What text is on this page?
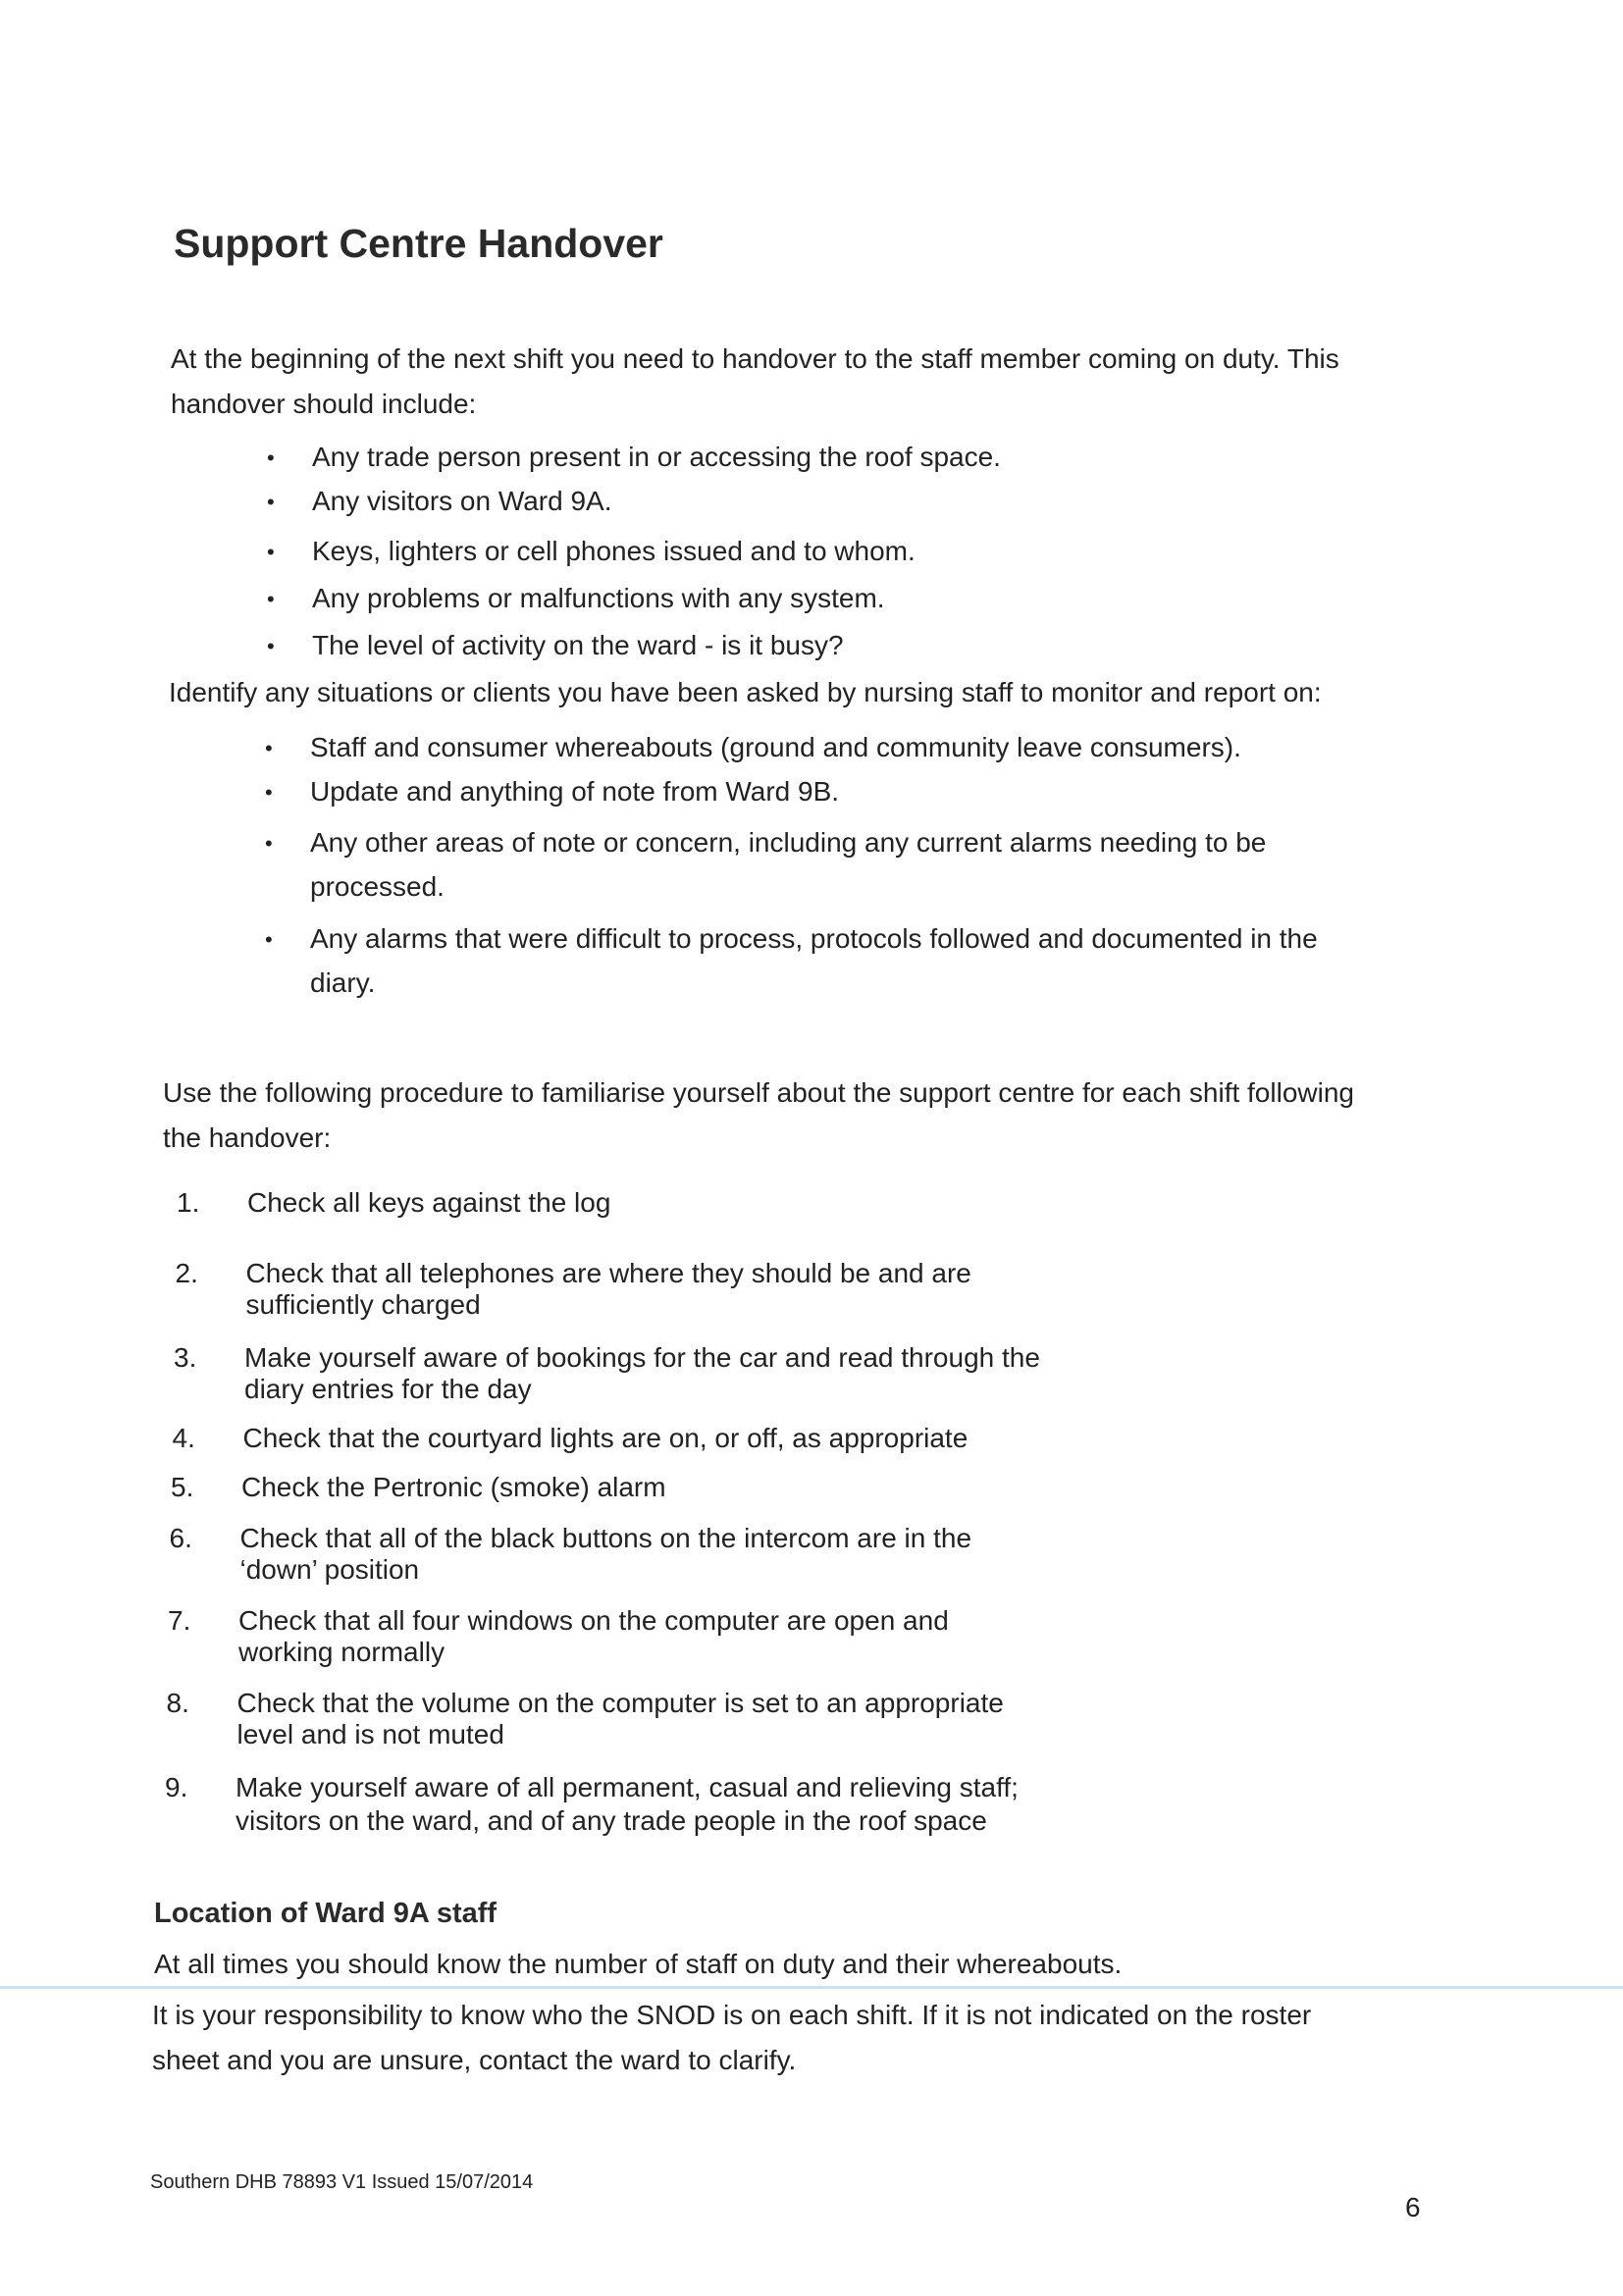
Support Centre Handover
At the beginning of the next shift you need to handover to the staff member coming on duty. This
handover should include:
• Any trade person present in or accessing the roof space.
• Any visitors on Ward 9A.
• Keys, lighters or cell phones issued and to whom.
• Any problems or malfunctions with any system.
• The level of activity on the ward - is it busy?
Identify any situations or clients you have been asked by nursing staff to monitor and report on:
• Staff and consumer whereabouts (ground and community leave consumers).
• Update and anything of note from Ward 9B.
• Any other areas of note or concern, including any current alarms needing to be
processed.
• Any alarms that were difficult to process, protocols followed and documented in the
diary.
Use the following procedure to familiarise yourself about the support centre for each shift following
the handover:
1. Check all keys against the log
2. Check that all telephones are where they should be and are
sufficiently charged
3. Make yourself aware of bookings for the car and read through the
diary entries for the day
4. Check that the courtyard lights are on, or off, as appropriate
5. Check the Pertronic (smoke) alarm
6. Check that all of the black buttons on the intercom are in the
‘down’ position
7. Check that all four windows on the computer are open and
working normally
8. Check that the volume on the computer is set to an appropriate
level and is not muted
9. Make yourself aware of all permanent, casual and relieving staff;
visitors on the ward, and of any trade people in the roof space
Location of Ward 9A staff
At all times you should know the number of staff on duty and their whereabouts.
It is your responsibility to know who the SNOD is on each shift. If it is not indicated on the roster
sheet and you are unsure, contact the ward to clarify.
Southern DHB 78893 V1 Issued 15/07/2014
6
